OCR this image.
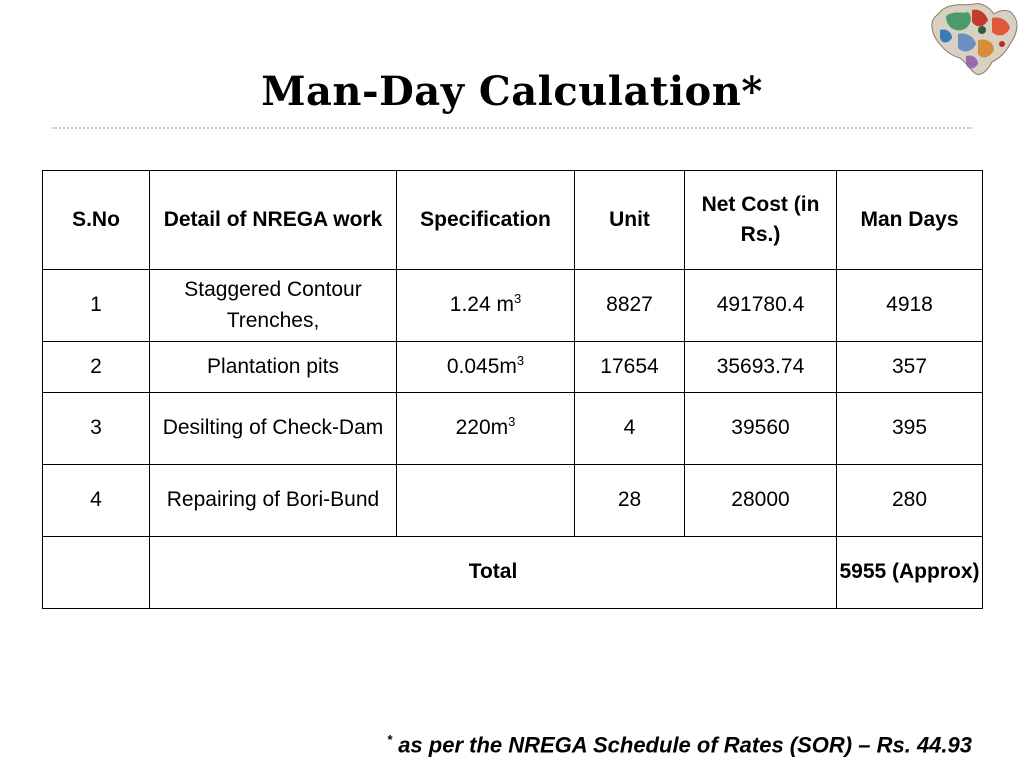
Man-Day Calculation*
S.No	Detail of NREGA work	Specification	Unit	Net Cost (in Rs.)	Man Days
1	Staggered Contour Trenches,	1.24 $m^3$	8827	491780.4	4918
2	Plantation pits	$0.045m^3$	17654	35693.74	357
3	Desilting of Check-Dam	$220m^3$	4	39560	395
4	Repairing of Bori-Bund		28	28000	280
	Total				5955 (Approx)
* as per the NREGA Schedule of Rates (SOR) – Rs. 44.93
